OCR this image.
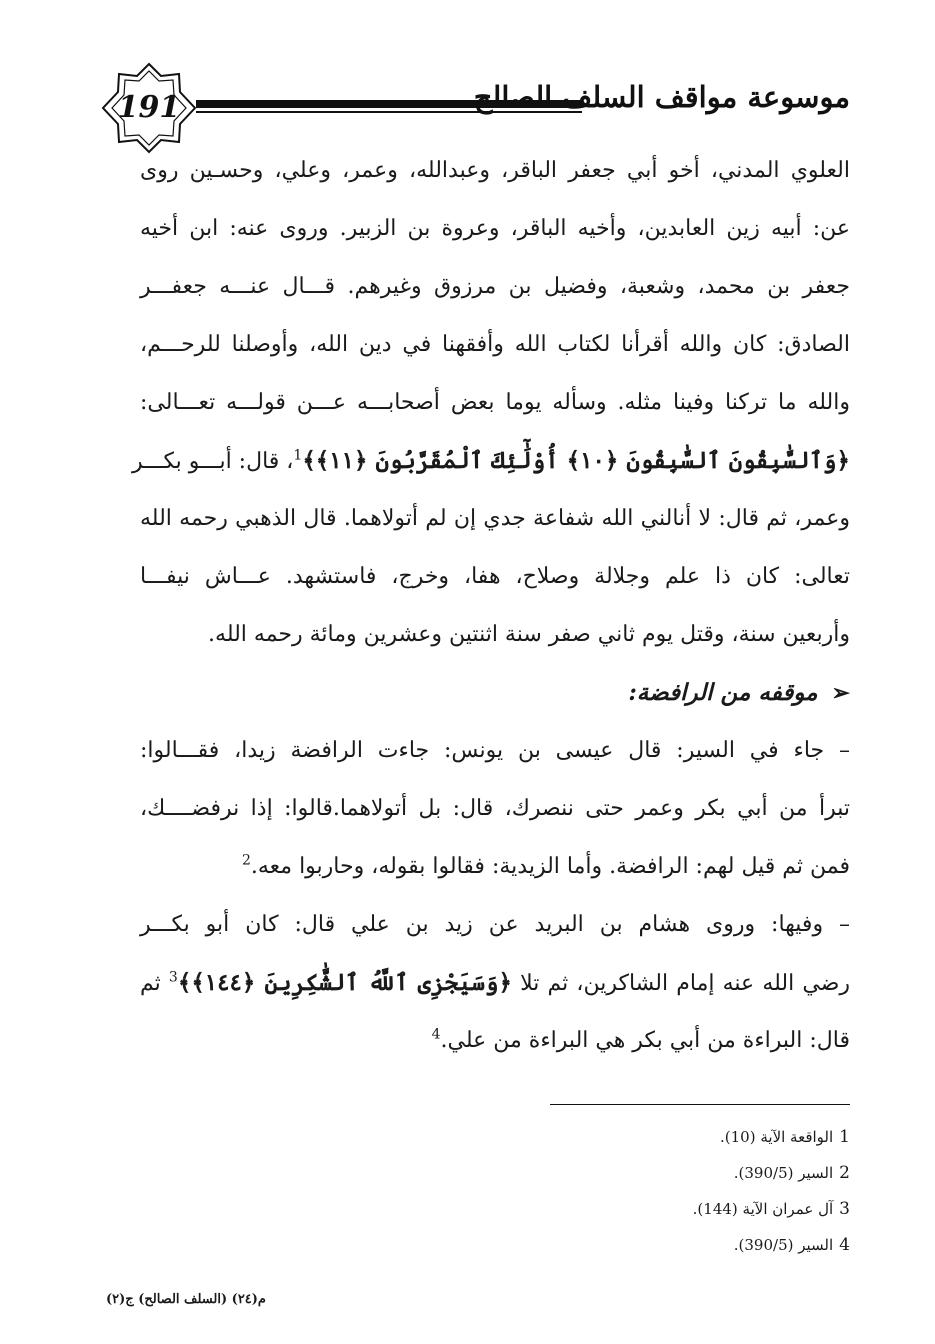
191	موسوعة مواقف السلف الصالح
العلوي المدني، أخو أبي جعفر الباقر، وعبدالله، وعمر، وعلي، وحسـين روى
عن: أبيه زين العابدين، وأخيه الباقر، وعروة بن الزبير. وروى عنه: ابن أخيه
جعفر بن محمد، وشعبة، وفضيل بن مرزوق وغيرهم. قـــال عنـــه جعفـــر
الصادق: كان والله أقرأنا لكتاب الله وأفقهنا في دين الله، وأوصلنا للرحـــم،
والله ما تركنا وفينا مثله. وسأله يوما بعض أصحابـــه عـــن قولـــه تعـــالى:
﴿وَٱلسَّٰبِقُونَ ٱلسَّٰبِقُونَ ﴿١٠﴾ أُوْلَٰٓئِكَ ٱلْمُقَرَّبُونَ ﴿١١﴾﴾$^1$، قال: أبـــو بكـــر
وعمر، ثم قال: لا أنالني الله شفاعة جدي إن لم أتولاهما. قال الذهبي رحمه الله
تعالى: كان ذا علم وجلالة وصلاح، هفا، وخرج، فاستشهد. عـــاش نيفـــا
وأربعين سنة، وقتل يوم ثاني صفر سنة اثنتين وعشرين ومائة رحمه الله.
➢موقفه من الرافضة:
– جاء في السير: قال عيسى بن يونس: جاءت الرافضة زيدا، فقـــالوا:
تبرأ من أبي بكر وعمر حتى ننصرك، قال: بل أتولاهما.قالوا: إذا نرفضــــك،
فمن ثم قيل لهم: الرافضة. وأما الزيدية: فقالوا بقوله، وحاربوا معه.$^2$
– وفيها: وروى هشام بن البريد عن زيد بن علي قال: كان أبو بكـــر
رضي الله عنه إمام الشاكرين، ثم تلا ﴿وَسَيَجْزِى ٱللَّهُ ٱلشَّٰكِرِينَ ﴿١٤٤﴾﴾$^3$ ثم
قال: البراءة من أبي بكر هي البراءة من علي.$^4$
1الواقعة الآية (10).
2السير (390/5).
3آل عمران الآية (144).
4السير (390/5).
م(٢٤) (السلف الصالح) ج(٢)
